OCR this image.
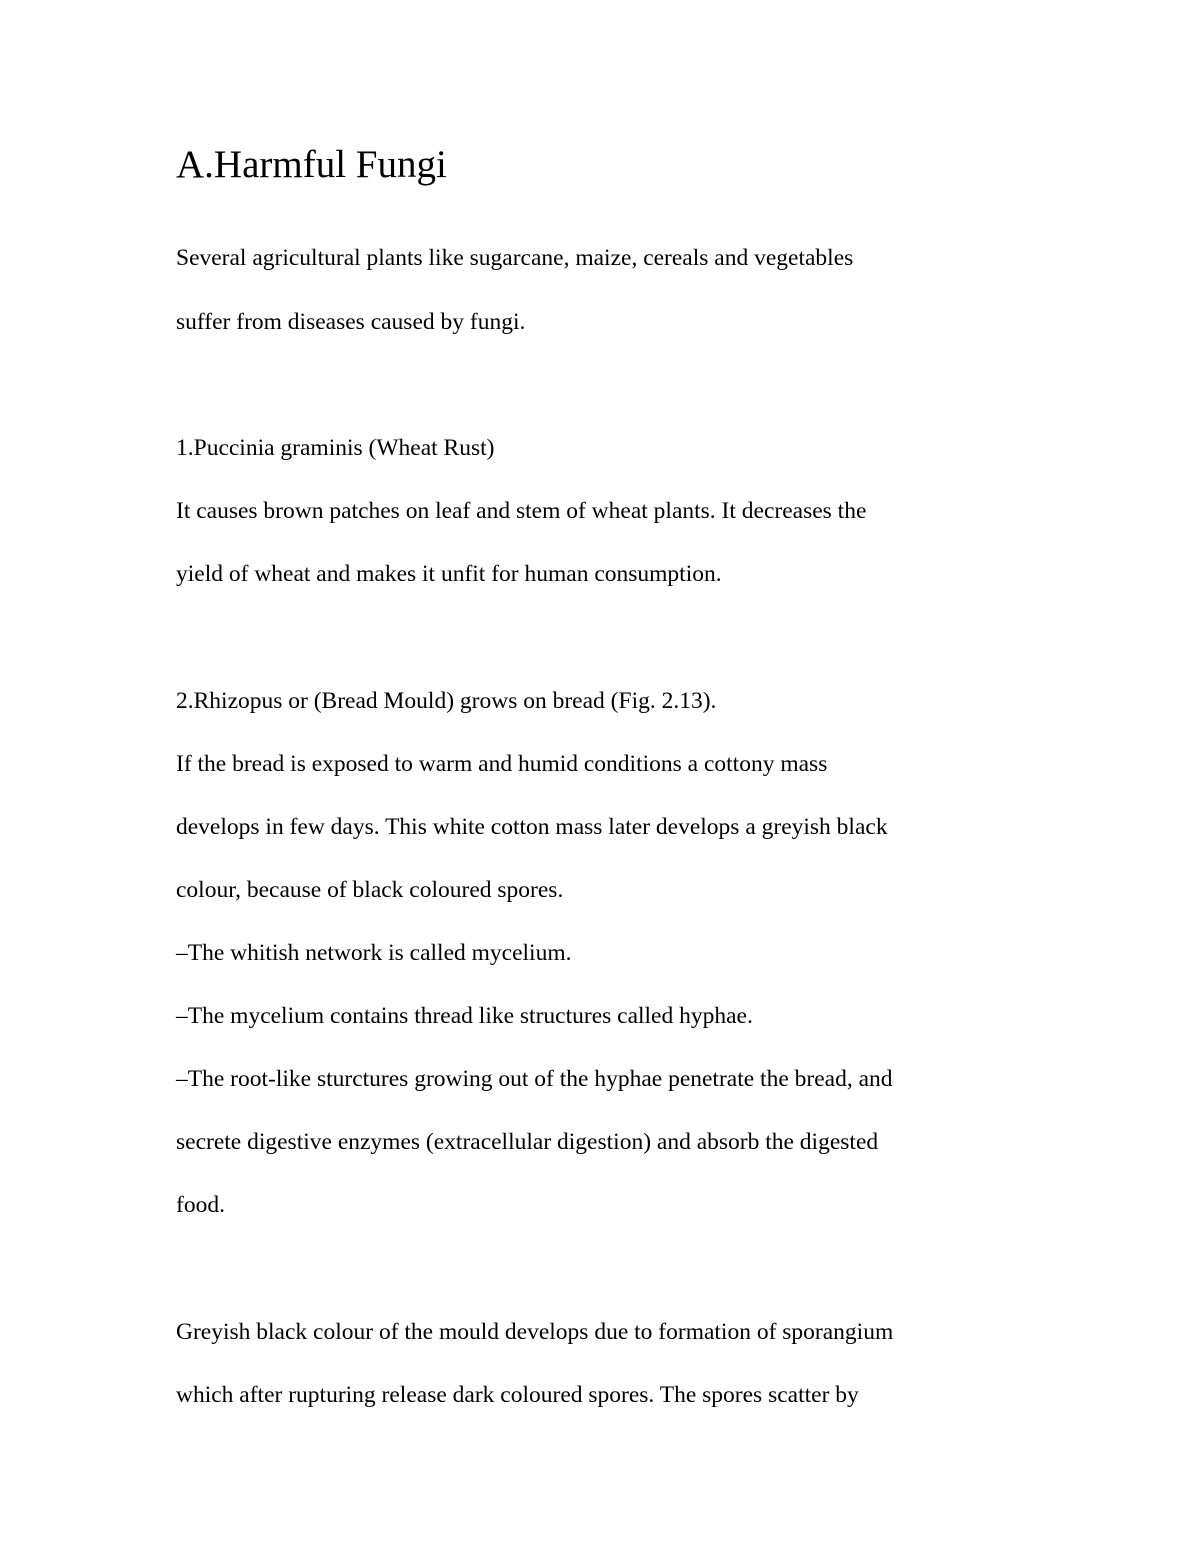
A.Harmful Fungi

Several agricultural plants like sugarcane, maize, cereals and vegetables

suffer from diseases caused by fungi.

1.Puccinia graminis (Wheat Rust)

It causes brown patches on leaf and stem of wheat plants. It decreases the

yield of wheat and makes it unfit for human consumption.

2.Rhizopus or (Bread Mould) grows on bread (Fig. 2.13).

If the bread is exposed to warm and humid conditions a cottony mass

develops in few days. This white cotton mass later develops a greyish black

colour, because of black coloured spores.

–The whitish network is called mycelium.

–The mycelium contains thread like structures called hyphae.

–The root-like sturctures growing out of the hyphae penetrate the bread, and

secrete digestive enzymes (extracellular digestion) and absorb the digested

food.

Greyish black colour of the mould develops due to formation of sporangium

which after rupturing release dark coloured spores. The spores scatter by
